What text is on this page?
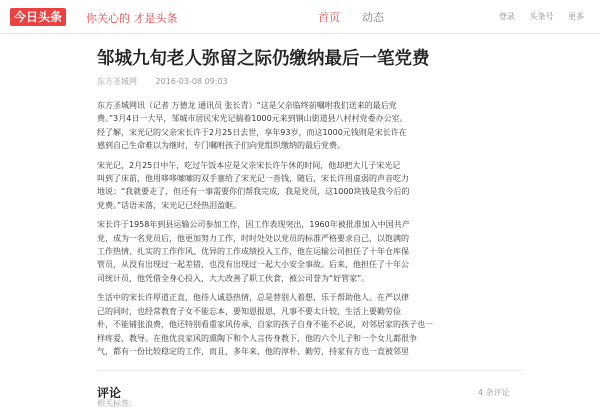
今日头条	你关心的 才是头条	首页 动态	登录 头条号 更多
邹城九旬老人弥留之际仍缴纳最后一笔党费
东方圣城网 2016-03-08 09:03
东方圣城网讯（记者 万德龙 通讯员 张长青）“这是父亲临终前嘱咐我们送来的最后党
费。”3月4日一大早，邹城市居民宋光记揣着1000元来到钢山街道县八村村党委办公室。
经了解，宋光记的父亲宋长许于2月25日去世，享年93岁，而这1000元钱则是宋长许在
感到自己生命难以为继时，专门嘱咐孩子们向党组织缴纳的最后党费。
宋光记，2月25日中午，吃过午饭本应是父亲宋长许午休的时间，他却把大儿子宋光记
叫到了床前，他用哆哆嗦嗦的双手塞给了宋光记一沓钱，随后，宋长许用虚弱的声音吃力
地说：“我就要走了，但还有一事需要你们帮我完成，我是党员，这1000块钱是我今后的
党费。”话语未落，宋光记已经热泪盈眶。
宋长许于1958年到县运输公司参加工作，因工作表现突出，1960年被批准加入中国共产
党，成为一名党员后，他更加努力工作，时时处处以党员的标准严格要求自己，以饱满的
工作热情、扎实的工作作风、优异的工作成绩投入工作，他在运输公司担任了十年仓库保
管员，从没有出现过一起差错，也没有出现过一起大小安全事故。后来，他担任了十年公
司统计员，他凭借全身心投入，大大改善了职工伙食，被公司誉为“好管家”。
生活中的宋长许厚道正直，他待人诚恳热情，总是替别人着想，乐于帮助他人。在严以律
己的同时，也经常教育子女不能忘本，要知恩报恩，凡事不要太计较，生活上要勤劳俭
朴，不能铺张浪费，他还特别看重家风传承，自家的孩子自身不能不必说，对邻居家的孩子也一
样疼爱、教导。在他优良家风的熏陶下和个人言传身教下，他的六个儿子和一个女儿都很争
气，都有一份比较稳定的工作，而且，多年来，他的淳朴、勤劳，持家有方也一直被邻里
相关标签：
评论	4 条评论
